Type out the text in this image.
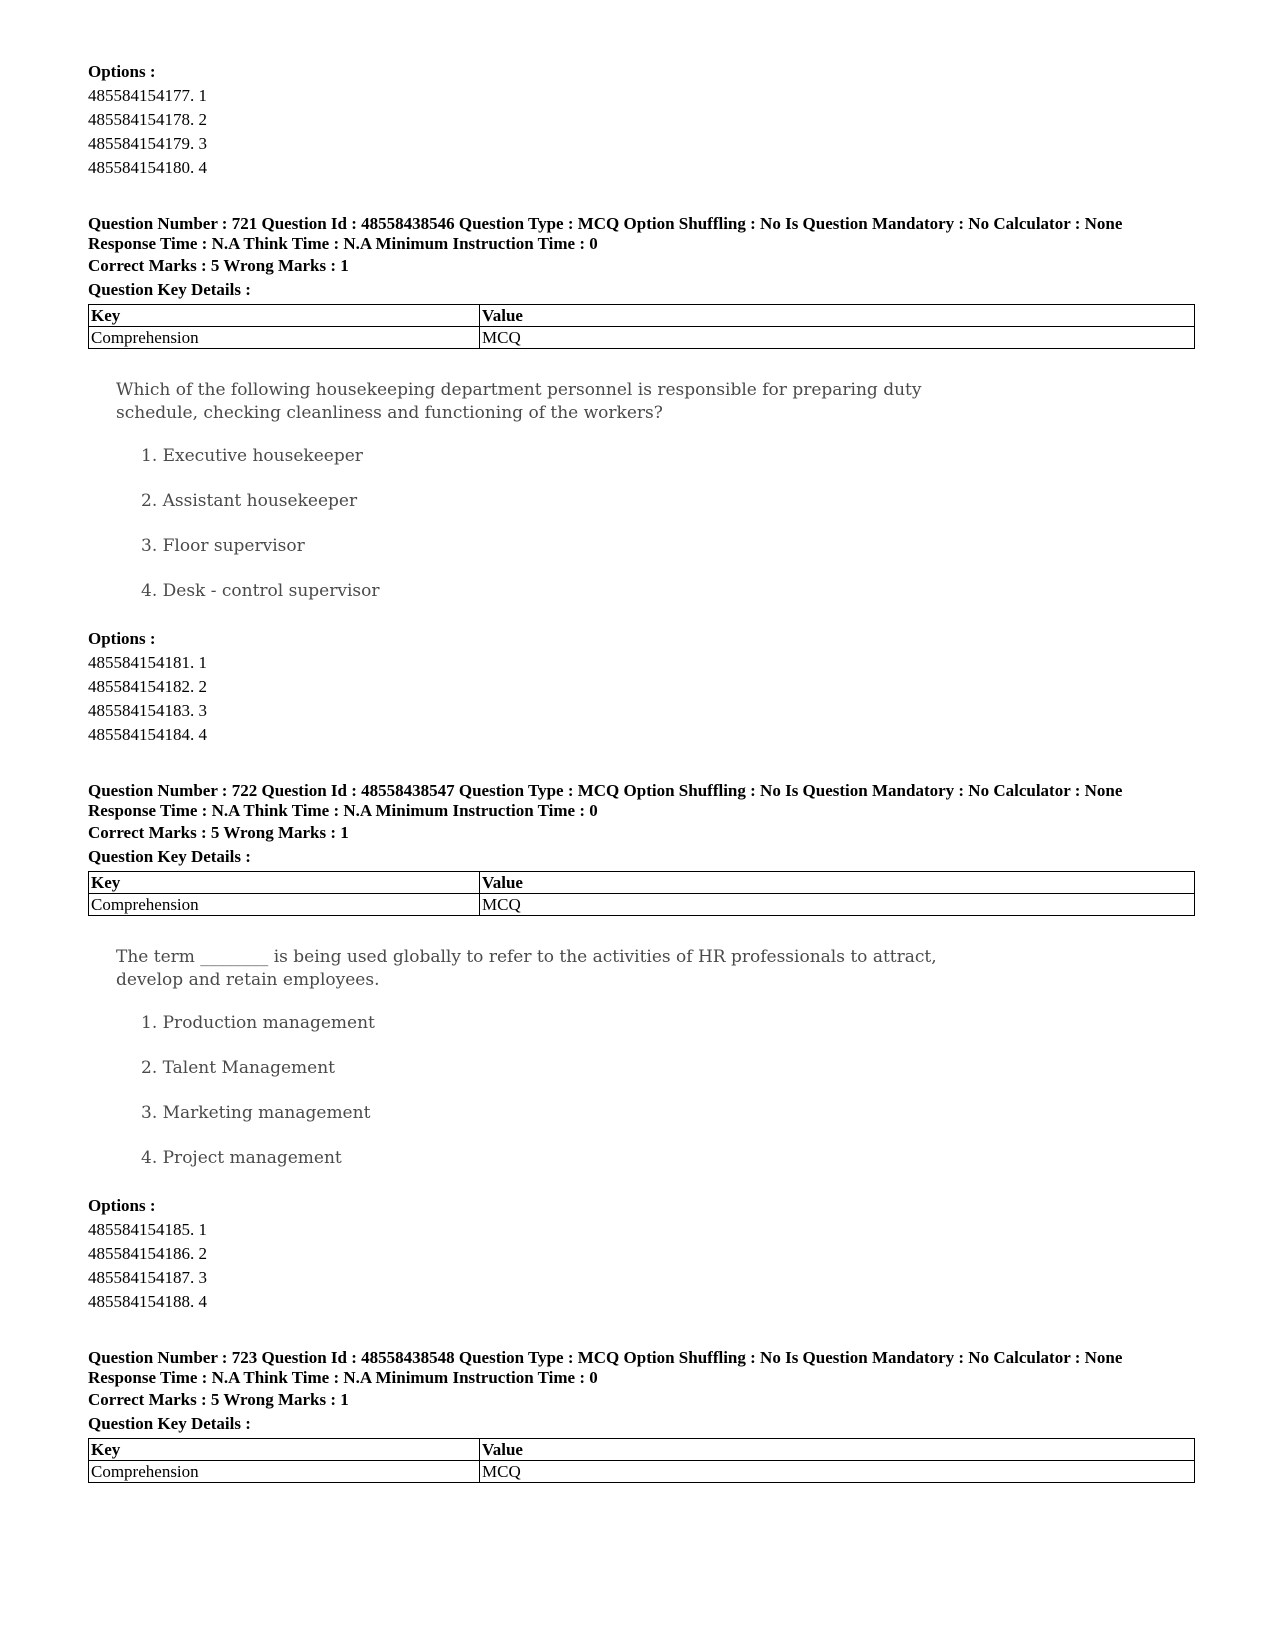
Options :
485584154177. 1
485584154178. 2
485584154179. 3
485584154180. 4
Question Number : 721 Question Id : 48558438546 Question Type : MCQ Option Shuffling : No Is Question Mandatory : No Calculator : None
Response Time : N.A Think Time : N.A Minimum Instruction Time : 0
Correct Marks : 5 Wrong Marks : 1
Question Key Details :
Key	Value
Comprehension	MCQ
Which of the following housekeeping department personnel is responsible for preparing duty schedule, checking cleanliness and functioning of the workers?
1. Executive housekeeper
2. Assistant housekeeper
3. Floor supervisor
4. Desk - control supervisor
Options :
485584154181. 1
485584154182. 2
485584154183. 3
485584154184. 4
Question Number : 722 Question Id : 48558438547 Question Type : MCQ Option Shuffling : No Is Question Mandatory : No Calculator : None
Response Time : N.A Think Time : N.A Minimum Instruction Time : 0
Correct Marks : 5 Wrong Marks : 1
Question Key Details :
Key	Value
Comprehension	MCQ
The term ________ is being used globally to refer to the activities of HR professionals to attract, develop and retain employees.
1. Production management
2. Talent Management
3. Marketing management
4. Project management
Options :
485584154185. 1
485584154186. 2
485584154187. 3
485584154188. 4
Question Number : 723 Question Id : 48558438548 Question Type : MCQ Option Shuffling : No Is Question Mandatory : No Calculator : None
Response Time : N.A Think Time : N.A Minimum Instruction Time : 0
Correct Marks : 5 Wrong Marks : 1
Question Key Details :
Key	Value
Comprehension	MCQ
